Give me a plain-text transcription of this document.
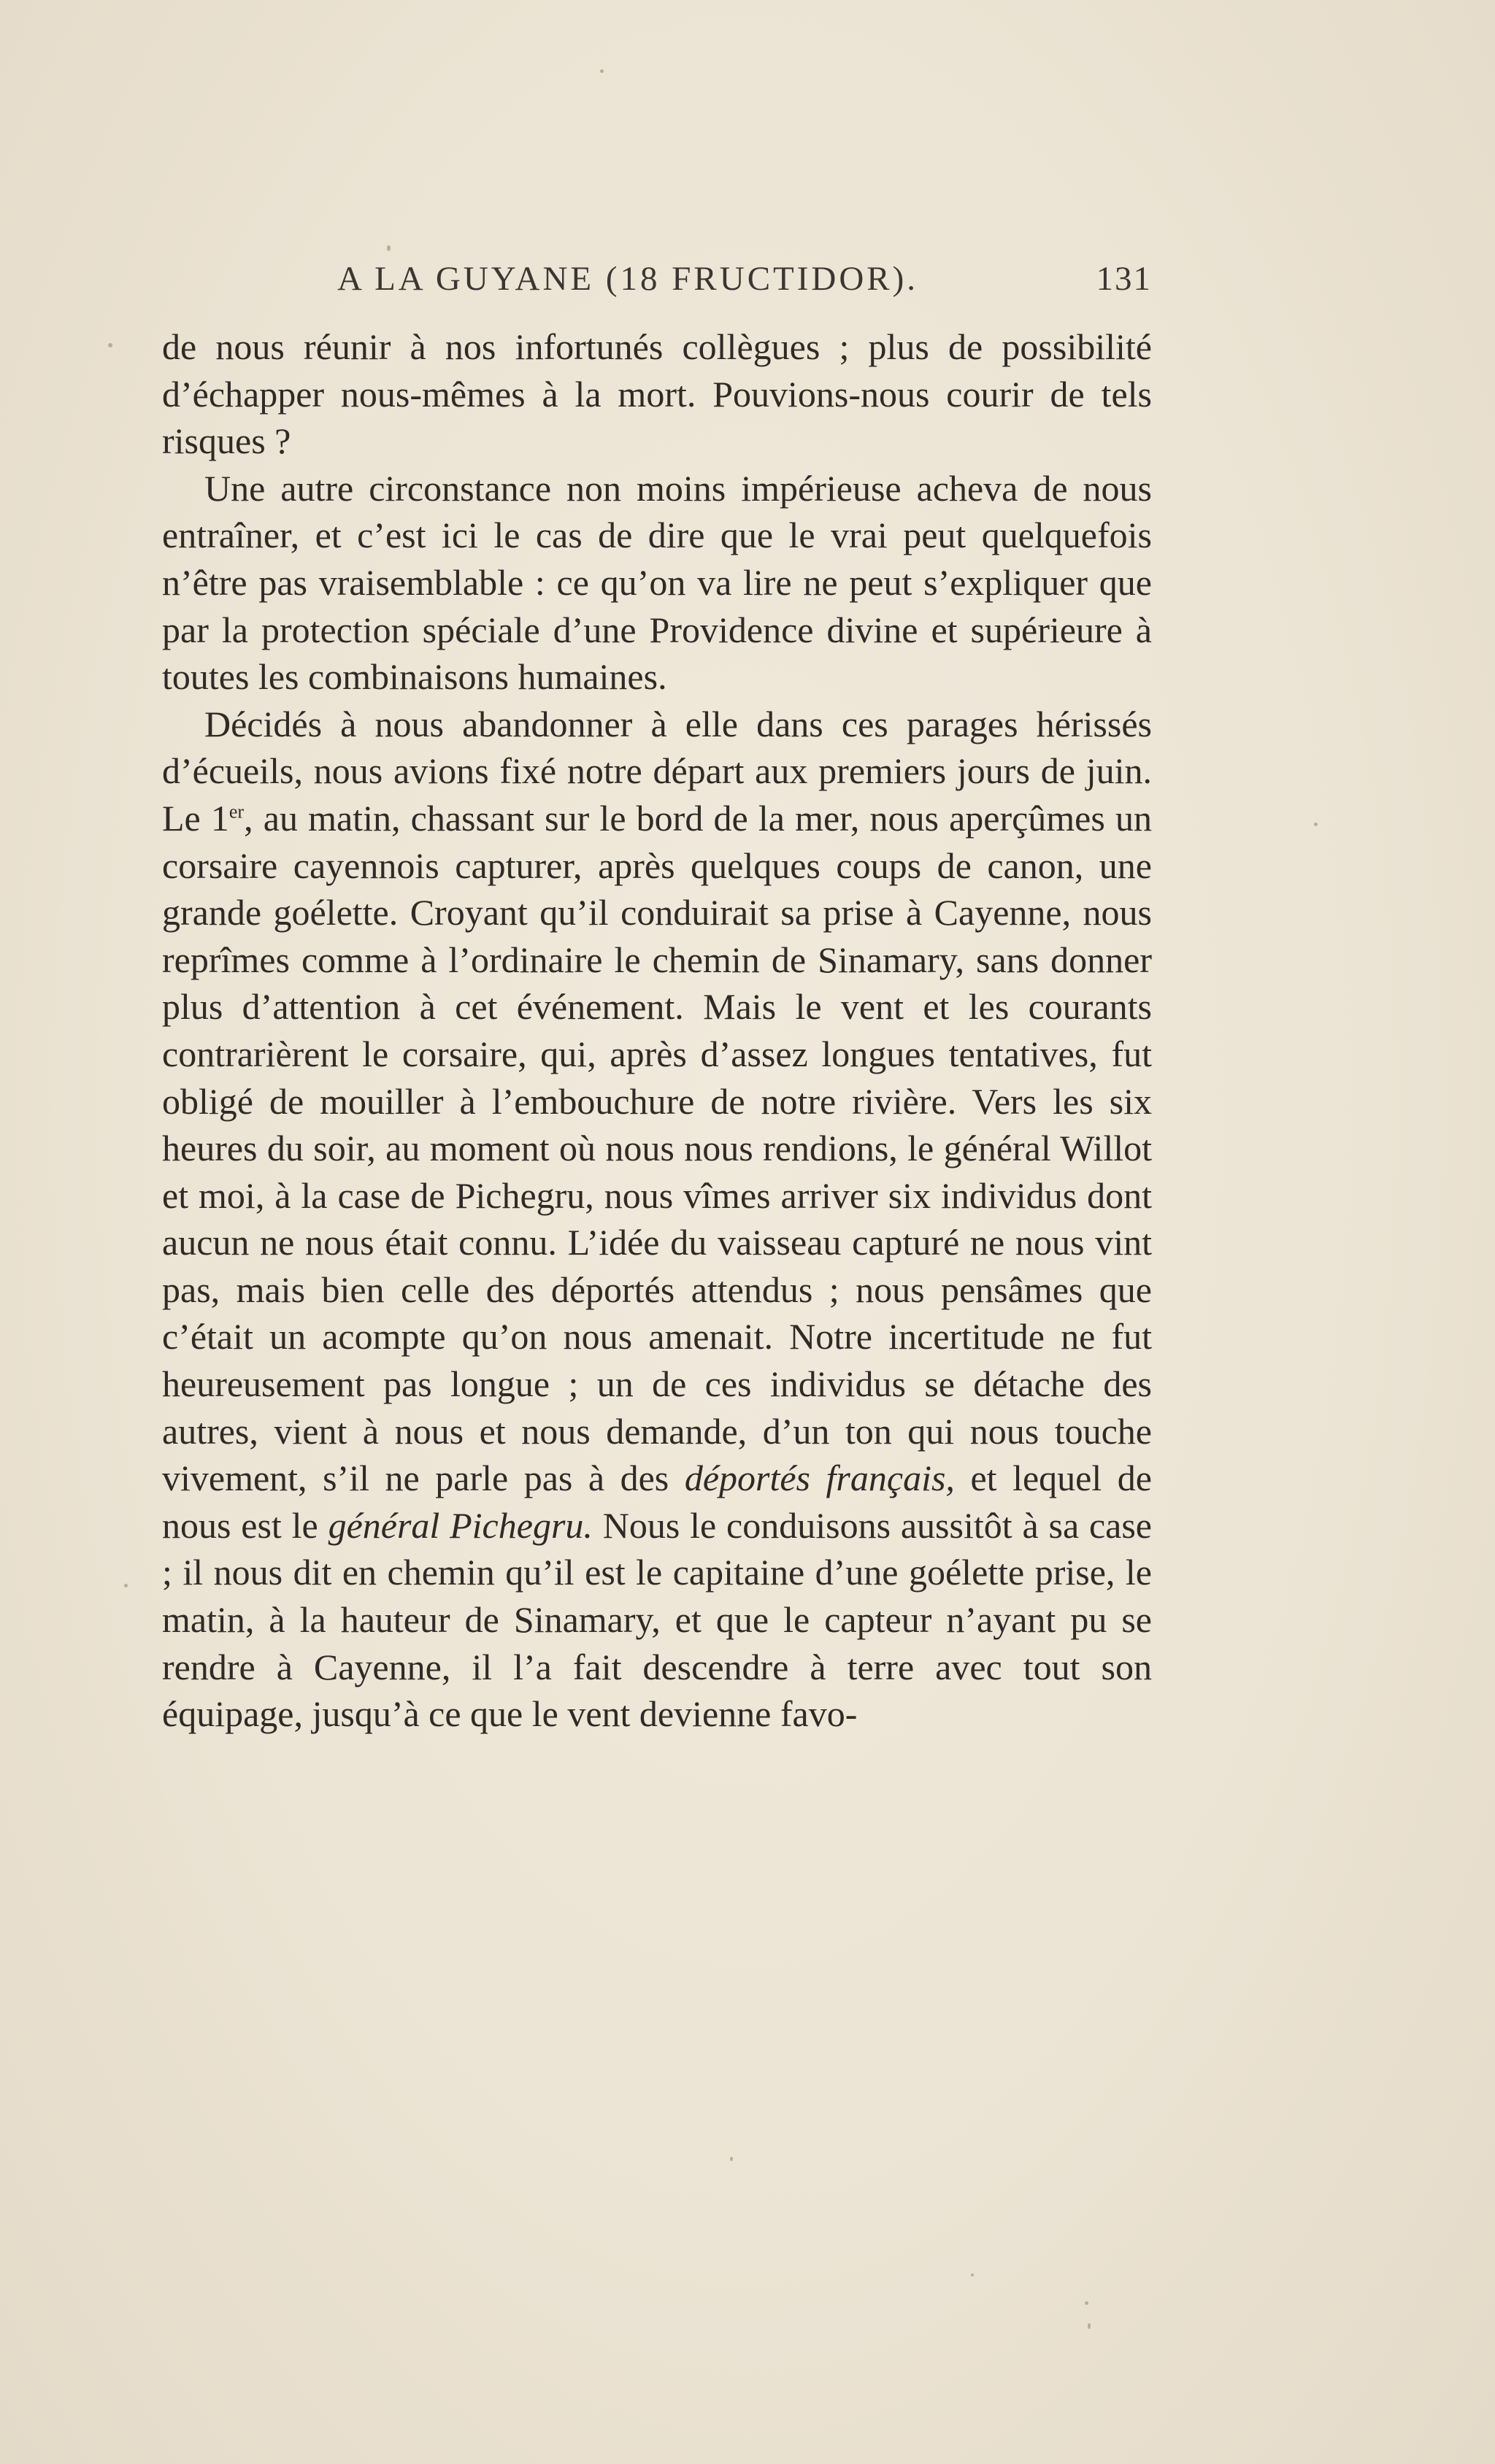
A LA GUYANE (18 FRUCTIDOR).	131

de nous réunir à nos infortunés collègues ; plus de possibilité d’échapper nous-mêmes à la mort. Pouvions-nous courir de tels risques ?

Une autre circonstance non moins impérieuse acheva de nous entraîner, et c’est ici le cas de dire que le vrai peut quelquefois n’être pas vraisemblable : ce qu’on va lire ne peut s’expliquer que par la protection spéciale d’une Providence divine et supérieure à toutes les combinaisons humaines.

Décidés à nous abandonner à elle dans ces parages hérissés d’écueils, nous avions fixé notre départ aux premiers jours de juin. Le 1er, au matin, chassant sur le bord de la mer, nous aperçûmes un corsaire cayennois capturer, après quelques coups de canon, une grande goélette. Croyant qu’il conduirait sa prise à Cayenne, nous reprîmes comme à l’ordinaire le chemin de Sinamary, sans donner plus d’attention à cet événement. Mais le vent et les courants contrarièrent le corsaire, qui, après d’assez longues tentatives, fut obligé de mouiller à l’embouchure de notre rivière. Vers les six heures du soir, au moment où nous nous rendions, le général Willot et moi, à la case de Pichegru, nous vîmes arriver six individus dont aucun ne nous était connu. L’idée du vaisseau capturé ne nous vint pas, mais bien celle des déportés attendus ; nous pensâmes que c’était un acompte qu’on nous amenait. Notre incertitude ne fut heureusement pas longue ; un de ces individus se détache des autres, vient à nous et nous demande, d’un ton qui nous touche vivement, s’il ne parle pas à des déportés français, et lequel de nous est le général Pichegru. Nous le conduisons aussitôt à sa case ; il nous dit en chemin qu’il est le capitaine d’une goélette prise, le matin, à la hauteur de Sinamary, et que le capteur n’ayant pu se rendre à Cayenne, il l’a fait descendre à terre avec tout son équipage, jusqu’à ce que le vent devienne favo-
